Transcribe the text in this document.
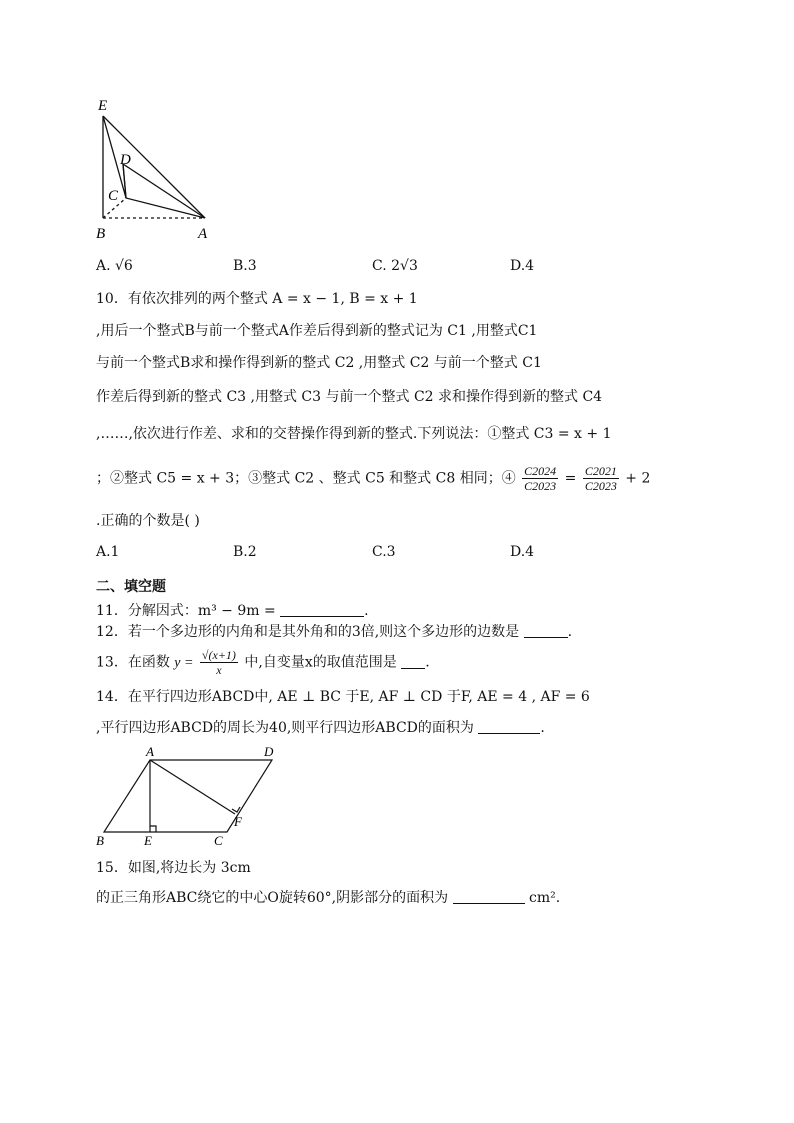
E
D
C
B	A
A. √6	B.3	C. 2√3	D.4
10．有依次排列的两个整式 A = x − 1, B = x + 1
,用后一个整式B与前一个整式A作差后得到新的整式记为 C1 ,用整式C1
与前一个整式B求和操作得到新的整式 C2 ,用整式 C2 与前一个整式 C1
作差后得到新的整式 C3 ,用整式 C3 与前一个整式 C2 求和操作得到新的整式 C4
,……,依次进行作差、求和的交替操作得到新的整式.下列说法：①整式 C3 = x + 1
；②整式 C5 = x + 3；③整式 C2 、整式 C5 和整式 C8 相同；④ $\frac{C2024}{C2023} = \frac{C2021}{C2023} + 2$
.正确的个数是( )
A.1	B.2	C.3	D.4
二、填空题
11．分解因式：m³ − 9m =	.
12．若一个多边形的内角和是其外角和的3倍,则这个多边形的边数是	.
13．在函数 $y = \frac{√(x+1)}{x}$ 中,自变量x的取值范围是 .
14．在平行四边形ABCD中, AE ⊥ BC 于E, AF ⊥ CD 于F, AE = 4 , AF = 6
,平行四边形ABCD的周长为40,则平行四边形ABCD的面积为	.
A	D
B	E	C
F
15．如图,将边长为 3cm
的正三角形ABC绕它的中心O旋转60°,阴影部分的面积为	cm².
